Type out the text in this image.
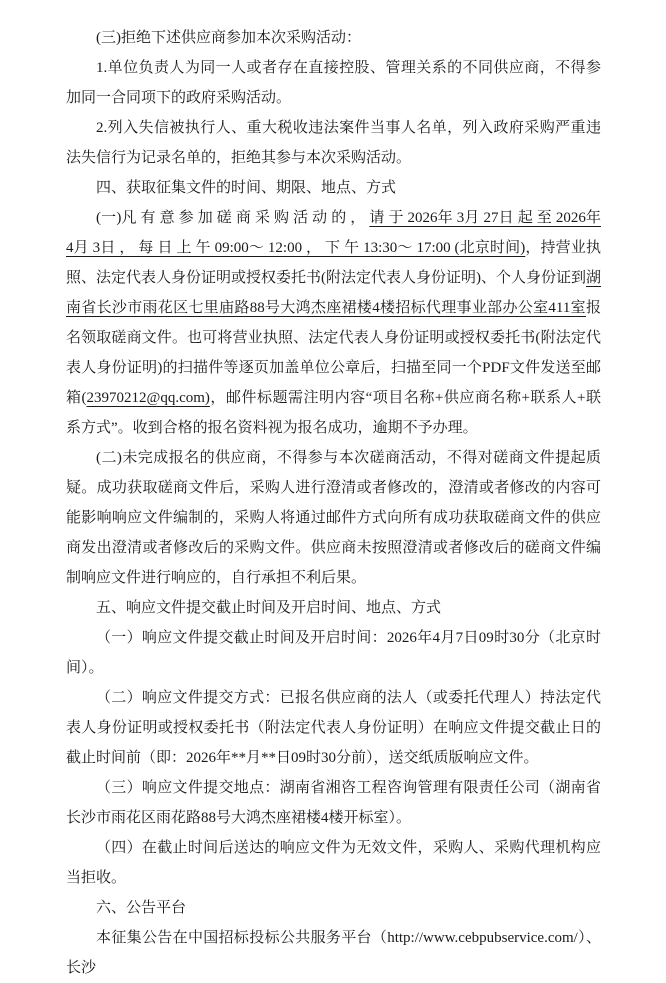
(三)拒绝下述供应商参加本次采购活动：

1.单位负责人为同一人或者存在直接控股、管理关系的不同供应商，不得参加同一合同项下的政府采购活动。

2.列入失信被执行人、重大税收违法案件当事人名单，列入政府采购严重违法失信行为记录名单的，拒绝其参与本次采购活动。

四、获取征集文件的时间、期限、地点、方式

(一)凡 有 意 参 加 磋 商 采 购 活 动 的 ， 请 于 2026年 3月 27日 起 至 2026年 4月 3日 ， 每 日 上 午 09:00～ 12:00 ， 下 午 13:30～ 17:00 (北京时间)，持营业执照、法定代表人身份证明或授权委托书(附法定代表人身份证明)、个人身份证到湖南省长沙市雨花区七里庙路88号大鸿杰座裙楼4楼招标代理事业部办公室411室报名领取磋商文件。也可将营业执照、法定代表人身份证明或授权委托书(附法定代表人身份证明)的扫描件等逐页加盖单位公章后，扫描至同一个PDF文件发送至邮箱(23970212@qq.com)，邮件标题需注明内容“项目名称+供应商名称+联系人+联系方式”。收到合格的报名资料视为报名成功，逾期不予办理。

(二)未完成报名的供应商，不得参与本次磋商活动，不得对磋商文件提起质疑。成功获取磋商文件后，采购人进行澄清或者修改的，澄清或者修改的内容可能影响响应文件编制的，采购人将通过邮件方式向所有成功获取磋商文件的供应商发出澄清或者修改后的采购文件。供应商未按照澄清或者修改后的磋商文件编制响应文件进行响应的，自行承担不利后果。

五、响应文件提交截止时间及开启时间、地点、方式

（一）响应文件提交截止时间及开启时间：2026年4月7日09时30分（北京时间）。

（二）响应文件提交方式：已报名供应商的法人（或委托代理人）持法定代表人身份证明或授权委托书（附法定代表人身份证明）在响应文件提交截止日的截止时间前（即：2026年**月**日09时30分前），送交纸质版响应文件。

（三）响应文件提交地点：湖南省湘咨工程咨询管理有限责任公司（湖南省长沙市雨花区雨花路88号大鸿杰座裙楼4楼开标室）。

（四）在截止时间后送达的响应文件为无效文件，采购人、采购代理机构应当拒收。

六、公告平台

本征集公告在中国招标投标公共服务平台（http://www.cebpubservice.com/）、长沙
